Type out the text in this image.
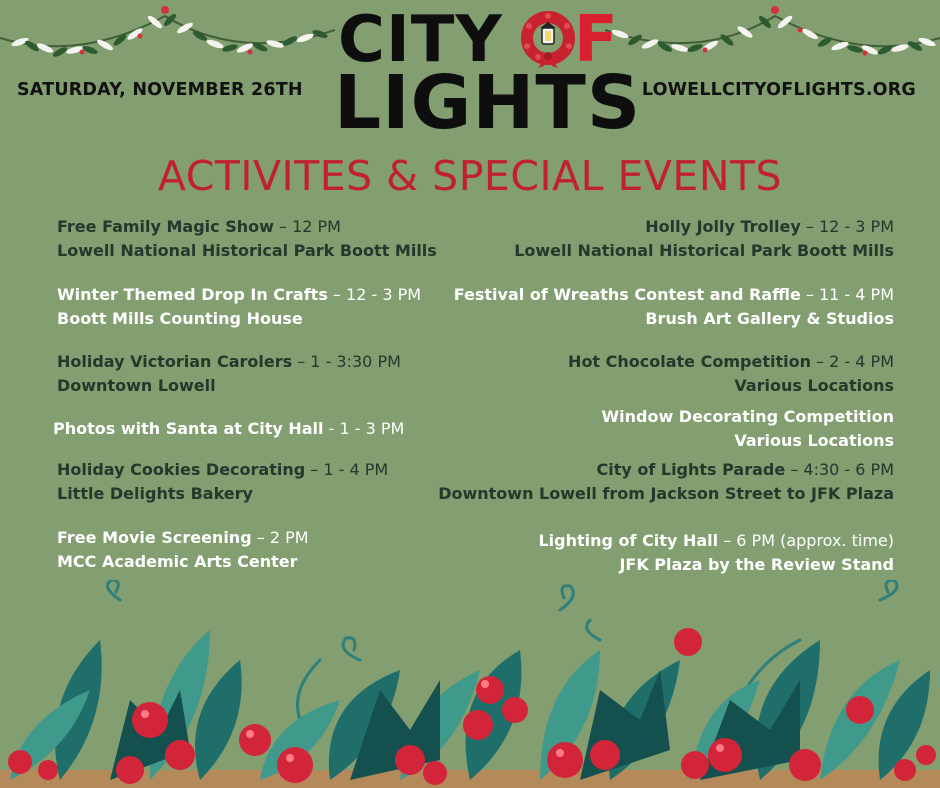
CITY F
LIGHTS
SATURDAY, NOVEMBER 26TH	LOWELLCITYOFLIGHTS.ORG
ACTIVITES & SPECIAL EVENTS
Free Family Magic Show – 12 PM
Lowell National Historical Park Boott Mills
Winter Themed Drop In Crafts – 12 - 3 PM
Boott Mills Counting House
Holiday Victorian Carolers – 1 - 3:30 PM
Downtown Lowell
Photos with Santa at City Hall - 1 - 3 PM
Holiday Cookies Decorating – 1 - 4 PM
Little Delights Bakery
Free Movie Screening – 2 PM
MCC Academic Arts Center
Holly Jolly Trolley – 12 - 3 PM
Lowell National Historical Park Boott Mills
Festival of Wreaths Contest and Raffle – 11 - 4 PM
Brush Art Gallery & Studios
Hot Chocolate Competition – 2 - 4 PM
Various Locations
Window Decorating Competition
Various Locations
City of Lights Parade – 4:30 - 6 PM
Downtown Lowell from Jackson Street to JFK Plaza
Lighting of City Hall – 6 PM (approx. time)
JFK Plaza by the Review Stand
